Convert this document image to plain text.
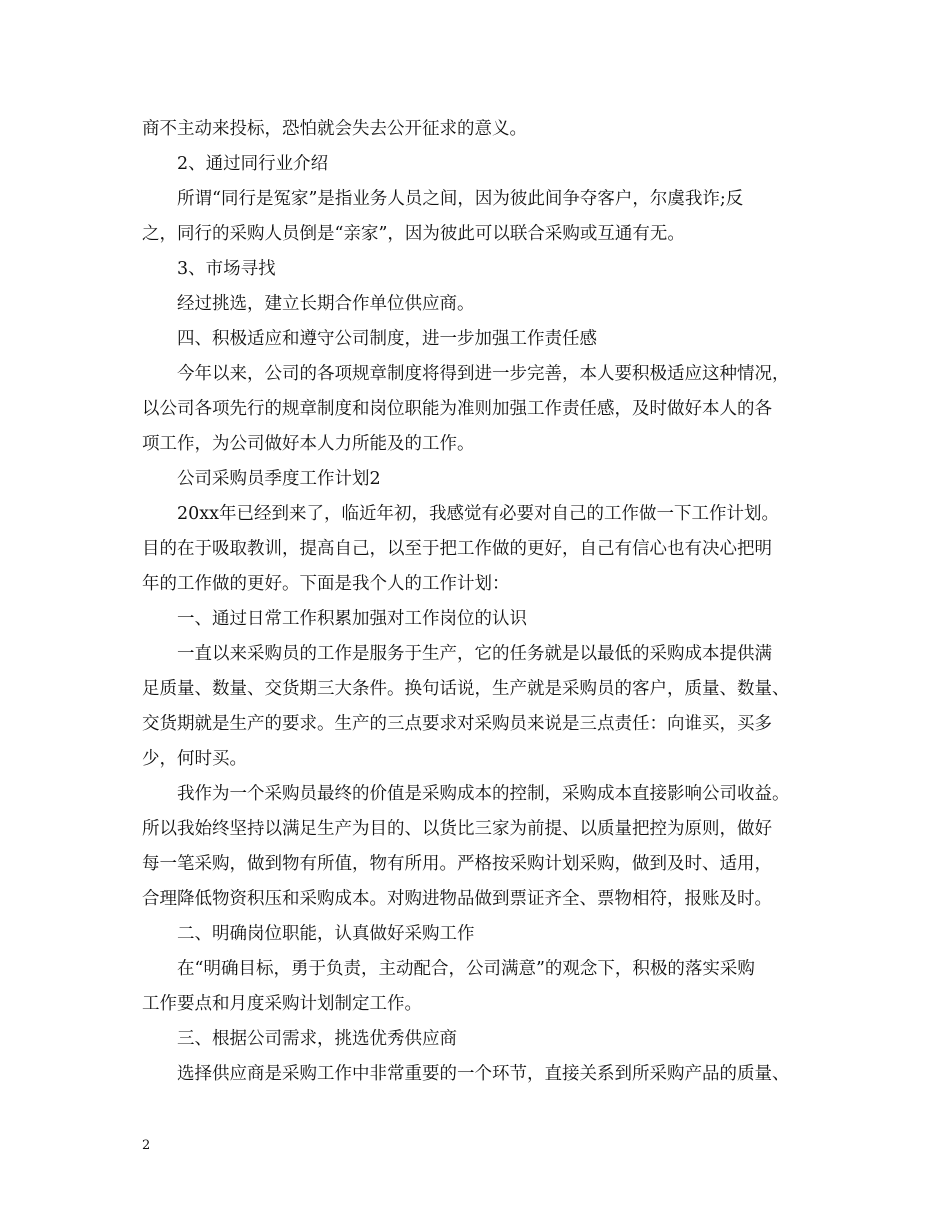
商不主动来投标，恐怕就会失去公开征求的意义。
2、通过同行业介绍
所谓“同行是冤家”是指业务人员之间，因为彼此间争夺客户，尔虞我诈;反
之，同行的采购人员倒是“亲家”，因为彼此可以联合采购或互通有无。
3、市场寻找
经过挑选，建立长期合作单位供应商。
四、积极适应和遵守公司制度，进一步加强工作责任感
今年以来，公司的各项规章制度将得到进一步完善，本人要积极适应这种情况，
以公司各项先行的规章制度和岗位职能为准则加强工作责任感，及时做好本人的各
项工作，为公司做好本人力所能及的工作。
公司采购员季度工作计划2
20xx年已经到来了，临近年初，我感觉有必要对自己的工作做一下工作计划。
目的在于吸取教训，提高自己，以至于把工作做的更好，自己有信心也有决心把明
年的工作做的更好。下面是我个人的工作计划：
一、通过日常工作积累加强对工作岗位的认识
一直以来采购员的工作是服务于生产，它的任务就是以最低的采购成本提供满
足质量、数量、交货期三大条件。换句话说，生产就是采购员的客户，质量、数量、
交货期就是生产的要求。生产的三点要求对采购员来说是三点责任：向谁买，买多
少，何时买。
我作为一个采购员最终的价值是采购成本的控制，采购成本直接影响公司收益。
所以我始终坚持以满足生产为目的、以货比三家为前提、以质量把控为原则，做好
每一笔采购，做到物有所值，物有所用。严格按采购计划采购，做到及时、适用，
合理降低物资积压和采购成本。对购进物品做到票证齐全、票物相符，报账及时。
二、明确岗位职能，认真做好采购工作
在“明确目标，勇于负责，主动配合，公司满意”的观念下，积极的落实采购
工作要点和月度采购计划制定工作。
三、根据公司需求，挑选优秀供应商
选择供应商是采购工作中非常重要的一个环节，直接关系到所采购产品的质量、
2
